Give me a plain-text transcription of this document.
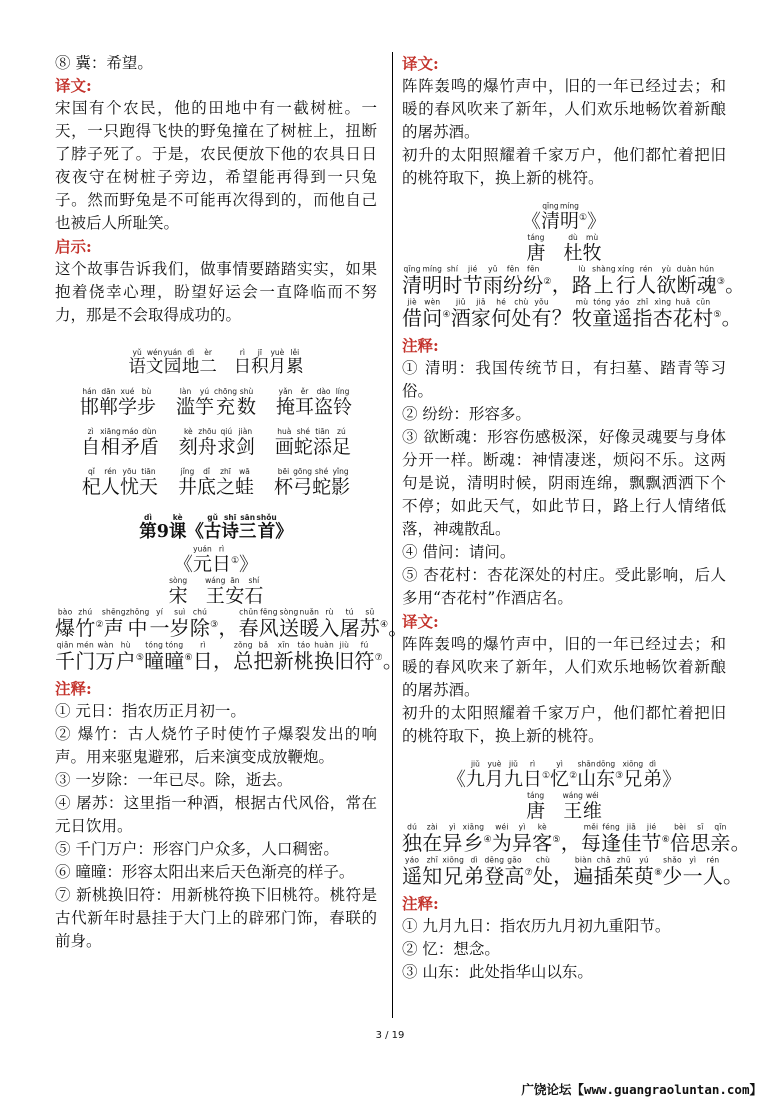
⑧ 冀：希望。

译文:

宋国有个农民，他的田地中有一截树桩。一天，一只跑得飞快的野兔撞在了树桩上，扭断了脖子死了。于是，农民便放下他的农具日日夜夜守在树桩子旁边，希望能再得到一只兔子。然而野兔是不可能再次得到的，而他自己也被后人所耻笑。

启示:

这个故事告诉我们，做事情要踏踏实实，如果抱着侥幸心理，盼望好运会一直降临而不努力，那是不会取得成功的。

语yǔ文wén园yuán地dì二èr   日rì积jī月yuè累lěi

邯hán郸dān学xué步bù
滥làn竽yú充chōng数shù
掩yǎn耳ěr盗dào铃líng

自zì相xiāng矛máo盾dùn
刻kè舟zhōu求qiú剑jiàn
画huà蛇shé添tiān足zú

杞qǐ人rén忧yōu天tiān
井jǐng底dǐ之zhī蛙wā
杯bēi弓gōng蛇shé影yǐng

第dì9课kè《古gǔ诗shī三sān首shǒu》

《元yuán日rì①》

宋sòng   王wáng安ān石shí

爆bào竹zhú②声shēng中zhōng一yí岁suì除chú③，春chūn风fēng送sòng暖nuǎn入rù屠tú苏sū④。

千qiān门mén万wàn户hù⑤曈tóng曈tóng⑥日rì，总zǒng把bǎ新xīn桃táo换huàn旧jiù符fú⑦。

注释:

① 元日：指农历正月初一。

② 爆竹：古人烧竹子时使竹子爆裂发出的响声。用来驱鬼避邪，后来演变成放鞭炮。

③ 一岁除：一年已尽。除，逝去。

④ 屠苏：这里指一种酒，根据古代风俗，常在元日饮用。

⑤ 千门万户：形容门户众多，人口稠密。

⑥ 曈曈：形容太阳出来后天色渐亮的样子。

⑦ 新桃换旧符：用新桃符换下旧桃符。桃符是古代新年时悬挂于大门上的辟邪门饰，春联的前身。

译文:

阵阵轰鸣的爆竹声中，旧的一年已经过去；和暖的春风吹来了新年，人们欢乐地畅饮着新酿的屠苏酒。

初升的太阳照耀着千家万户，他们都忙着把旧的桃符取下，换上新的桃符。

《清qīng明míng①》

唐táng   杜dù牧mù

清qīng明míng时shí节jié雨yǔ纷fēn纷fēn②，路lù上shàng行xíng人rén欲yù断duàn魂hún③。

借jiè问wèn④酒jiǔ家jiā何hé处chù有yǒu？牧mù童tóng遥yáo指zhǐ杏xìng花huā村cūn⑤。

注释:

① 清明：我国传统节日，有扫墓、踏青等习俗。

② 纷纷：形容多。

③ 欲断魂：形容伤感极深，好像灵魂要与身体分开一样。断魂：神情凄迷，烦闷不乐。这两句是说，清明时候，阴雨连绵，飘飘洒洒下个不停；如此天气，如此节日，路上行人情绪低落，神魂散乱。

④ 借问：请问。

⑤ 杏花村：杏花深处的村庄。受此影响，后人多用“杏花村”作酒店名。

译文:

阵阵轰鸣的爆竹声中，旧的一年已经过去；和暖的春风吹来了新年，人们欢乐地畅饮着新酿的屠苏酒。

初升的太阳照耀着千家万户，他们都忙着把旧的桃符取下，换上新的桃符。

《九jiǔ月yuè九jiǔ日rì①忆yì②山shān东dōng③兄xiōng弟dì》

唐táng   王wáng维wéi

独dú在zài异yì乡xiāng④为wéi异yì客kè⑤，每měi逢féng佳jiā节jié⑥倍bèi思sī亲qīn。

遥yáo知zhī兄xiōng弟dì登dēng高gāo⑦处chù，遍biàn插chā茱zhū萸yú⑧少shǎo一yì人rén。

注释:

① 九月九日：指农历九月初九重阳节。

② 忆：想念。

③ 山东：此处指华山以东。

3 / 19
广饶论坛【www.guangraoluntan.com】
